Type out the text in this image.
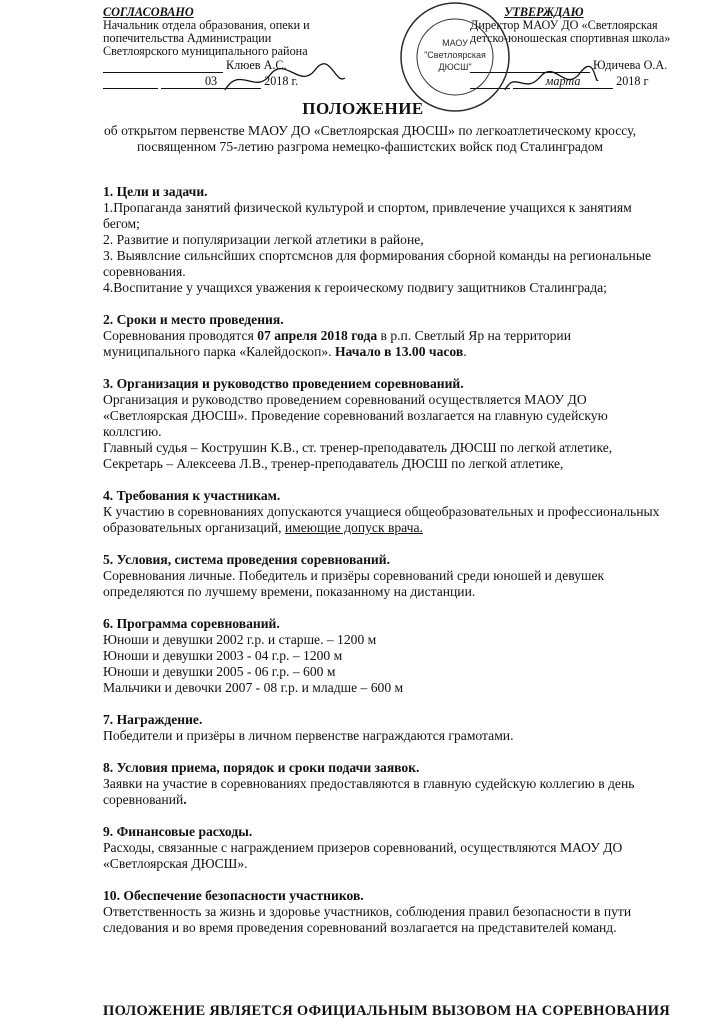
СОГЛАСОВАНО
Начальник отдела образования, опеки и
попечительства Администрации
Светлоярского муниципального района
Клюев А.С.
03	2018 г.
УТВЕРЖДАЮ
Директор МАОУ ДО «Светлоярская
детско-юношеская спортивная школа»
Юдичева О.А.
марта	2018 г
МАОУ
"Светлоярская
ДЮСШ"
ПОЛОЖЕНИЕ
об открытом первенстве МАОУ ДО «Светлоярская ДЮСШ» по легкоатлетическому кроссу, посвященном 75-летию разгрома немецко-фашистских войск под Сталинградом
1. Цели и задачи.

1.Пропаганда занятий физической культурой и спортом, привлечение учащихся к занятиям бегом;

2. Развитие и популяризации легкой атлетики в районе,

3. Выявлсние сильнсйших спортсмснов для формирования сборной команды на региональные соревнования.

4.Воспитание у учащихся уважения к героическому подвигу защитников Сталинграда;

2. Сроки и место проведения.

Соревнования проводятся 07 апреля 2018 года в р.п. Светлый Яр на территории муниципального парка «Калейдоскоп». Начало в 13.00 часов.

3. Организация и руководство проведением соревнований.

Организация и руководство проведением соревнований осуществляется МАОУ ДО «Светлоярская ДЮСШ». Проведение соревнований возлагается на главную судейскую коллсгию.

Главный судья – Кострушин К.В., ст. тренер-преподаватель ДЮСШ по легкой атлетике,

Секретарь – Алексеева Л.В., тренер-преподаватель ДЮСШ по легкой атлетике,

4. Требования к участникам.

К участию в соревнованиях допускаются учащиеся общеобразовательных и профессиональных образовательных организаций, имеющие допуск врача.

5. Условия, система проведения соревнований.

Соревнования личные. Победитель и призёры соревнований среди юношей и девушек определяются по лучшему времени, показанному на дистанции.

6. Программа соревнований.

Юноши и девушки 2002 г.р. и старше. – 1200 м

Юноши и девушки 2003 - 04 г.р. – 1200 м

Юноши и девушки 2005 - 06 г.р. – 600 м

Мальчики и девочки 2007 - 08 г.р. и младше – 600 м

7. Награждение.

Победители и призёры в личном первенстве награждаются грамотами.

8. Условия приема, порядок и сроки подачи заявок.

Заявки на участие в соревнованиях предоставляются в главную судейскую коллегию в день соревнований.

9. Финансовые расходы.

Расходы, связанные с награждением призеров соревнований, осуществляются МАОУ ДО «Светлоярская ДЮСШ».

10. Обеспечение безопасности участников.

Ответственность за жизнь и здоровье участников, соблюдения правил безопасности в пути следования и во время проведения соревнований возлагается на представителей команд.

ПОЛОЖЕНИЕ ЯВЛЯЕТСЯ ОФИЦИАЛЬНЫМ ВЫЗОВОМ НА СОРЕВНОВАНИЯ
